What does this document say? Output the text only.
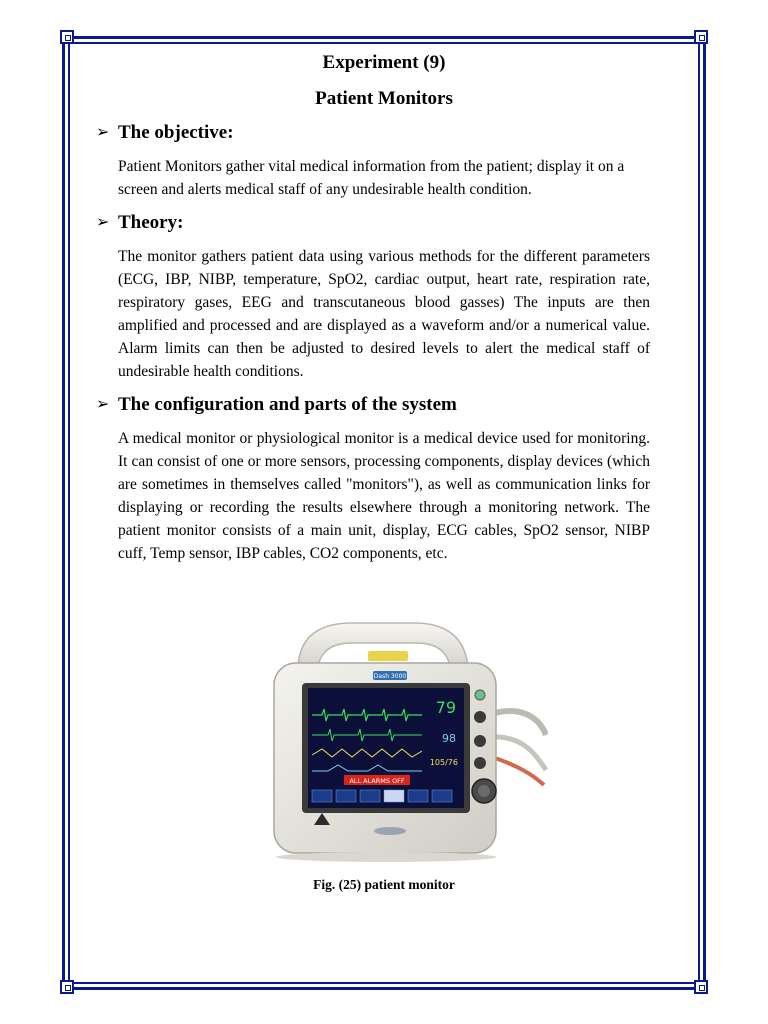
Experiment (9)

Patient Monitors

➢ The objective:

Patient Monitors gather vital medical information from the patient; display it on a screen and alerts medical staff of any undesirable health condition.

➢ Theory:

The monitor gathers patient data using various methods for the different parameters (ECG, IBP, NIBP, temperature, SpO2, cardiac output, heart rate, respiration rate, respiratory gases, EEG and transcutaneous blood gasses) The inputs are then amplified and processed and are displayed as a waveform and/or a numerical value. Alarm limits can then be adjusted to desired levels to alert the medical staff of undesirable health conditions.

➢ The configuration and parts of the system

A medical monitor or physiological monitor is a medical device used for monitoring. It can consist of one or more sensors, processing components, display devices (which are sometimes in themselves called "monitors"), as well as communication links for displaying or recording the results elsewhere through a monitoring network. The patient monitor consists of a main unit, display, ECG cables, SpO2 sensor, NIBP cuff, Temp sensor, IBP cables, CO2 components, etc.

Dash 3000
79
98
105/76
ALL ALARMS OFF
Fig. (25) patient monitor
